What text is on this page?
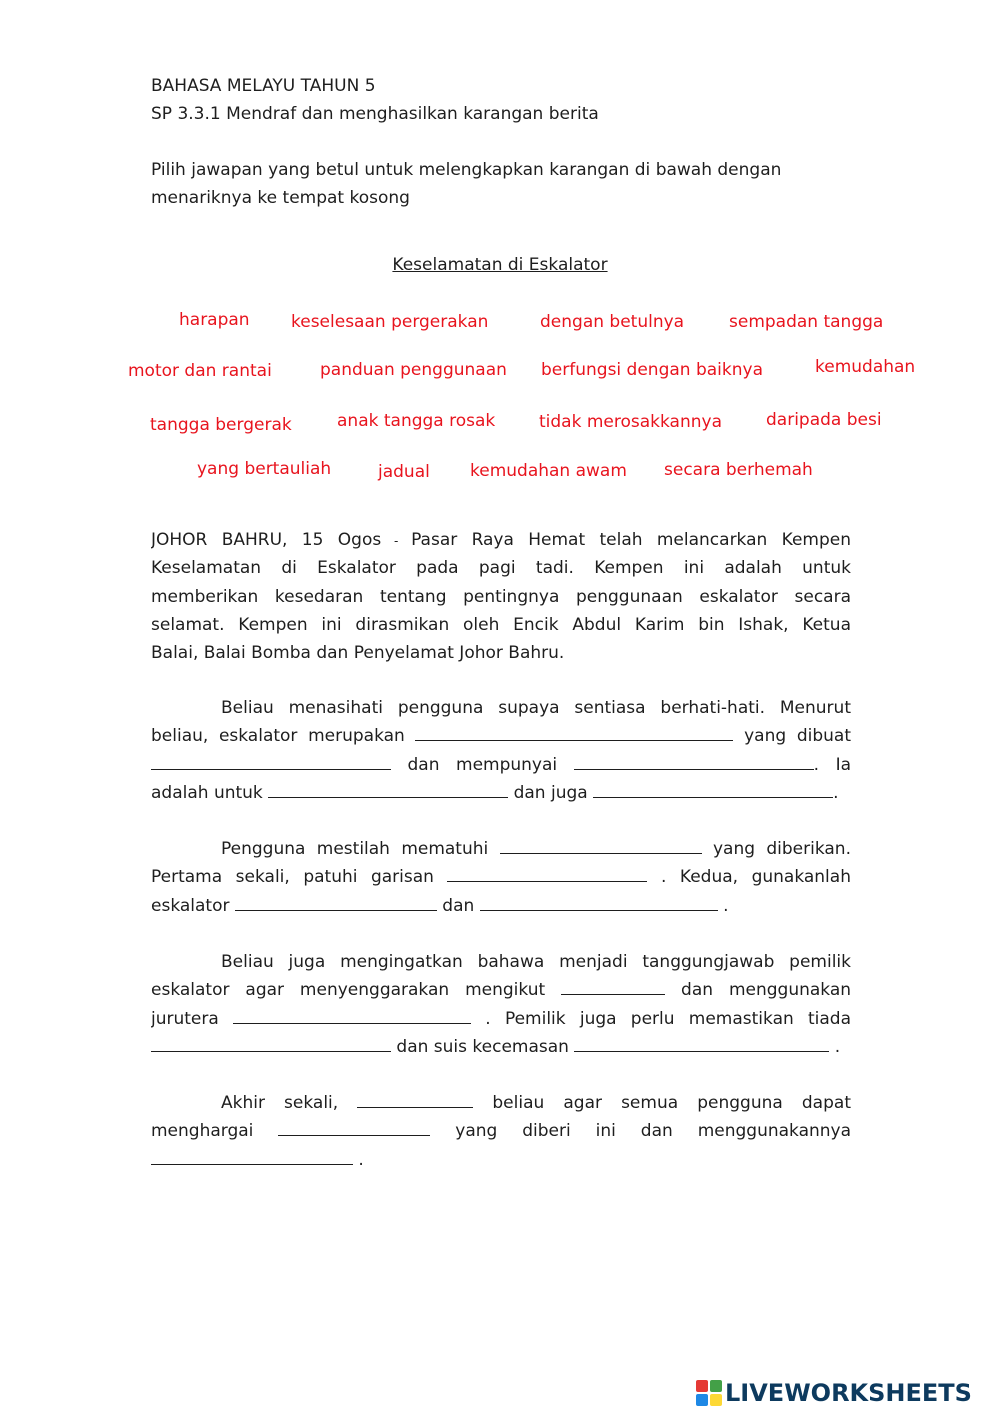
BAHASA MELAYU TAHUN 5
SP 3.3.1 Mendraf dan menghasilkan karangan berita
Pilih jawapan yang betul untuk melengkapkan karangan di bawah dengan
menariknya ke tempat kosong
Keselamatan di Eskalator
harapan keselesaan pergerakan	dengan betulnya	sempadan tangga
motor dan rantai	panduan penggunaan berfungsi dengan baiknya	kemudahan
tangga bergerak	anak tangga rosak	tidak merosakkannya	daripada besi
yang bertauliah	jadual kemudahan awam secara berhemah
JOHOR BAHRU, 15 Ogos - Pasar Raya Hemat telah melancarkan Kempen
Keselamatan di Eskalator pada pagi tadi. Kempen ini adalah untuk
memberikan kesedaran tentang pentingnya penggunaan eskalator secara
selamat. Kempen ini dirasmikan oleh Encik Abdul Karim bin Ishak, Ketua
Balai, Balai Bomba dan Penyelamat Johor Bahru.
Beliau menasihati pengguna supaya sentiasa berhati-hati. Menurut
beliau, eskalator merupakan	yang dibuat
dan mempunyai	. Ia
adalah untuk	dan juga	.
Pengguna mestilah mematuhi	yang diberikan.
Pertama sekali, patuhi garisan	. Kedua, gunakanlah
eskalator	dan	.
Beliau juga mengingatkan bahawa menjadi tanggungjawab pemilik
eskalator agar menyenggarakan mengikut	dan menggunakan
jurutera	. Pemilik juga perlu memastikan tiada
dan suis kecemasan	.
Akhir sekali,	beliau agar semua pengguna dapat
menghargai	yang diberi ini dan menggunakannya
.
LIVEWORKSHEETS
